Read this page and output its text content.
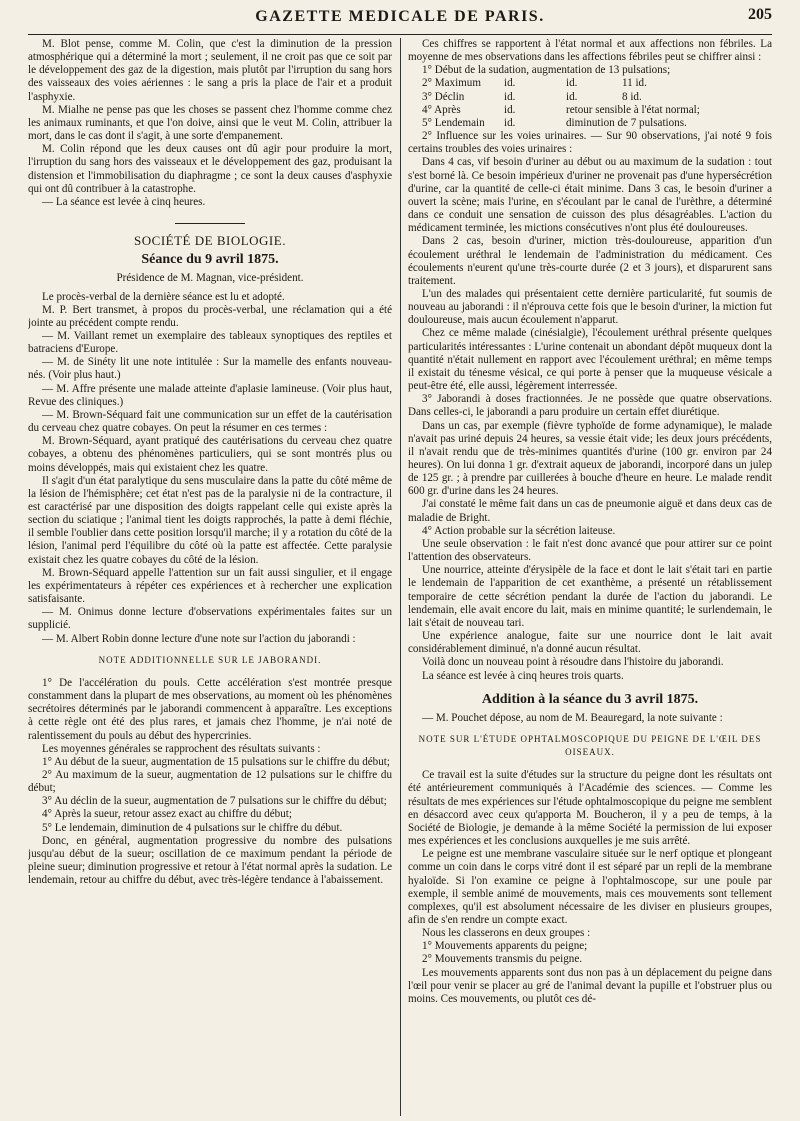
GAZETTE MEDICALE DE PARIS.	205

M. Blot pense, comme M. Colin, que c'est la diminution de la pression atmosphérique qui a déterminé la mort ; seulement, il ne croit pas que ce soit par le développement des gaz de la digestion, mais plutôt par l'irruption du sang hors des vaisseaux des voies aériennes : le sang a pris la place de l'air et a produit l'asphyxie.

M. Mialhe ne pense pas que les choses se passent chez l'homme comme chez les animaux ruminants, et que l'on doive, ainsi que le veut M. Colin, attribuer la mort, dans le cas dont il s'agit, à une sorte d'empanement.

M. Colin répond que les deux causes ont dû agir pour produire la mort, l'irruption du sang hors des vaisseaux et le développement des gaz, produisant la distension et l'immobilisation du diaphragme ; ce sont la deux causes d'asphyxie qui ont dû contribuer à la catastrophe.

— La séance est levée à cinq heures.

SOCIÉTÉ DE BIOLOGIE.
Séance du 9 avril 1875.

Présidence de M. Magnan, vice-président.

Le procès-verbal de la dernière séance est lu et adopté.

M. P. Bert transmet, à propos du procès-verbal, une réclamation qui a été jointe au précédent compte rendu.

— M. Vaillant remet un exemplaire des tableaux synoptiques des reptiles et batraciens d'Europe.

— M. de Sinéty lit une note intitulée : Sur la mamelle des enfants nouveau-nés. (Voir plus haut.)

— M. Affre présente une malade atteinte d'aplasie lamineuse. (Voir plus haut, Revue des cliniques.)

— M. Brown-Séquard fait une communication sur un effet de la cautérisation du cerveau chez quatre cobayes. On peut la résumer en ces termes :

M. Brown-Séquard, ayant pratiqué des cautérisations du cerveau chez quatre cobayes, a obtenu des phénomènes particuliers, qui se sont montrés plus ou moins développés, mais qui existaient chez les quatre.

Il s'agit d'un état paralytique du sens musculaire dans la patte du côté même de la lésion de l'hémisphère; cet état n'est pas de la paralysie ni de la contracture, il est caractérisé par une disposition des doigts rappelant celle qui existe après la section du sciatique ; l'animal tient les doigts rapprochés, la patte à demi fléchie, il semble l'oublier dans cette position lorsqu'il marche; il y a rotation du côté de la lésion, l'animal perd l'équilibre du côté où la patte est affectée. Cette paralysie existait chez les quatre cobayes du côté de la lésion.

M. Brown-Séquard appelle l'attention sur un fait aussi singulier, et il engage les expérimentateurs à répéter ces expériences et à rechercher une explication satisfaisante.

— M. Onimus donne lecture d'observations expérimentales faites sur un supplicié.

— M. Albert Robin donne lecture d'une note sur l'action du jaborandi :

NOTE ADDITIONNELLE SUR LE JABORANDI.

1° De l'accélération du pouls. Cette accélération s'est montrée presque constamment dans la plupart de mes observations, au moment où les phénomènes secrétoires déterminés par le jaborandi commencent à apparaître. Les exceptions à cette règle ont été des plus rares, et jamais chez l'homme, je n'ai noté de ralentissement du pouls au début des hypercrinies.

Les moyennes générales se rapprochent des résultats suivants :

1° Au début de la sueur, augmentation de 15 pulsations sur le chiffre du début;

2° Au maximum de la sueur, augmentation de 12 pulsations sur le chiffre du début;

3° Au déclin de la sueur, augmentation de 7 pulsations sur le chiffre du début;

4° Après la sueur, retour assez exact au chiffre du début;

5° Le lendemain, diminution de 4 pulsations sur le chiffre du début.

Donc, en général, augmentation progressive du nombre des pulsations jusqu'au début de la sueur; oscillation de ce maximum pendant la période de pleine sueur; diminution progressive et retour à l'état normal après la sudation. Le lendemain, retour au chiffre du début, avec très-légère tendance à l'abaissement.

Ces chiffres se rapportent à l'état normal et aux affections non fébriles. La moyenne de mes observations dans les affections fébriles peut se chiffrer ainsi :

1° Début de la sudation, augmentation de 13 pulsations;
2° Maximum id.	id.	11 id.
3° Déclin	id.	id.	8 id.
4° Après	id.	retour sensible à l'état normal;
5° Lendemain id.	diminution de 7 pulsations.

2° Influence sur les voies urinaires. — Sur 90 observations, j'ai noté 9 fois certains troubles des voies urinaires :

Dans 4 cas, vif besoin d'uriner au début ou au maximum de la sudation : tout s'est borné là. Ce besoin impérieux d'uriner ne provenait pas d'une hypersécrétion d'urine, car la quantité de celle-ci était minime. Dans 3 cas, le besoin d'uriner a ouvert la scène; mais l'urine, en s'écoulant par le canal de l'urèthre, a déterminé dans ce conduit une sensation de cuisson des plus désagréables. L'action du médicament terminée, les mictions consécutives n'ont plus été douloureuses.

Dans 2 cas, besoin d'uriner, miction très-douloureuse, apparition d'un écoulement uréthral le lendemain de l'administration du médicament. Ces écoulements n'eurent qu'une très-courte durée (2 et 3 jours), et disparurent sans traitement.

L'un des malades qui présentaient cette dernière particularité, fut soumis de nouveau au jaborandi : il n'éprouva cette fois que le besoin d'uriner, la miction fut douloureuse, mais aucun écoulement n'apparut.

Chez ce même malade (cinésialgie), l'écoulement uréthral présente quelques particularités intéressantes : L'urine contenait un abondant dépôt muqueux dont la quantité n'était nullement en rapport avec l'écoulement uréthral; en même temps il existait du ténesme vésical, ce qui porte à penser que la muqueuse vésicale a peut-être été, elle aussi, légèrement interressée.

3° Jaborandi à doses fractionnées. Je ne possède que quatre observations. Dans celles-ci, le jaborandi a paru produire un certain effet diurétique.

Dans un cas, par exemple (fièvre typhoïde de forme adynamique), le malade n'avait pas uriné depuis 24 heures, sa vessie était vide; les deux jours précédents, il n'avait rendu que de très-minimes quantités d'urine (100 gr. environ par 24 heures). On lui donna 1 gr. d'extrait aqueux de jaborandi, incorporé dans un julep de 125 gr. ; à prendre par cuillerées à bouche d'heure en heure. Le malade rendit 600 gr. d'urine dans les 24 heures.

J'ai constaté le même fait dans un cas de pneumonie aiguë et dans deux cas de maladie de Bright.

4° Action probable sur la sécrétion laiteuse.

Une seule observation : le fait n'est donc avancé que pour attirer sur ce point l'attention des observateurs.

Une nourrice, atteinte d'érysipèle de la face et dont le lait s'était tari en partie le lendemain de l'apparition de cet exanthème, a présenté un rétablissement temporaire de cette sécrétion pendant la durée de l'action du jaborandi. Le lendemain, elle avait encore du lait, mais en minime quantité; le surlendemain, le lait s'était de nouveau tari.

Une expérience analogue, faite sur une nourrice dont le lait avait considérablement diminué, n'a donné aucun résultat.

Voilà donc un nouveau point à résoudre dans l'histoire du jaborandi.

La séance est levée à cinq heures trois quarts.

Addition à la séance du 3 avril 1875.

— M. Pouchet dépose, au nom de M. Beauregard, la note suivante :

NOTE SUR L'ÉTUDE OPHTALMOSCOPIQUE DU PEIGNE DE L'ŒIL DES OISEAUX.

Ce travail est la suite d'études sur la structure du peigne dont les résultats ont été antérieurement communiqués à l'Académie des sciences. — Comme les résultats de mes expériences sur l'étude ophtalmoscopique du peigne me semblent en désaccord avec ceux qu'apporta M. Boucheron, il y a peu de temps, à la Société de Biologie, je demande à la même Société la permission de lui exposer mes expériences et les conclusions auxquelles je me suis arrêté.

Le peigne est une membrane vasculaire située sur le nerf optique et plongeant comme un coin dans le corps vitré dont il est séparé par un repli de la membrane hyaloïde. Si l'on examine ce peigne à l'ophtalmoscope, sur une poule par exemple, il semble animé de mouvements, mais ces mouvements sont tellement complexes, qu'il est absolument nécessaire de les diviser en plusieurs groupes, afin de s'en rendre un compte exact.

Nous les classerons en deux groupes :

1° Mouvements apparents du peigne;

2° Mouvements transmis du peigne.

Les mouvements apparents sont dus non pas à un déplacement du peigne dans l'œil pour venir se placer au gré de l'animal devant la pupille et l'obstruer plus ou moins. Ces mouvements, ou plutôt ces dé-
